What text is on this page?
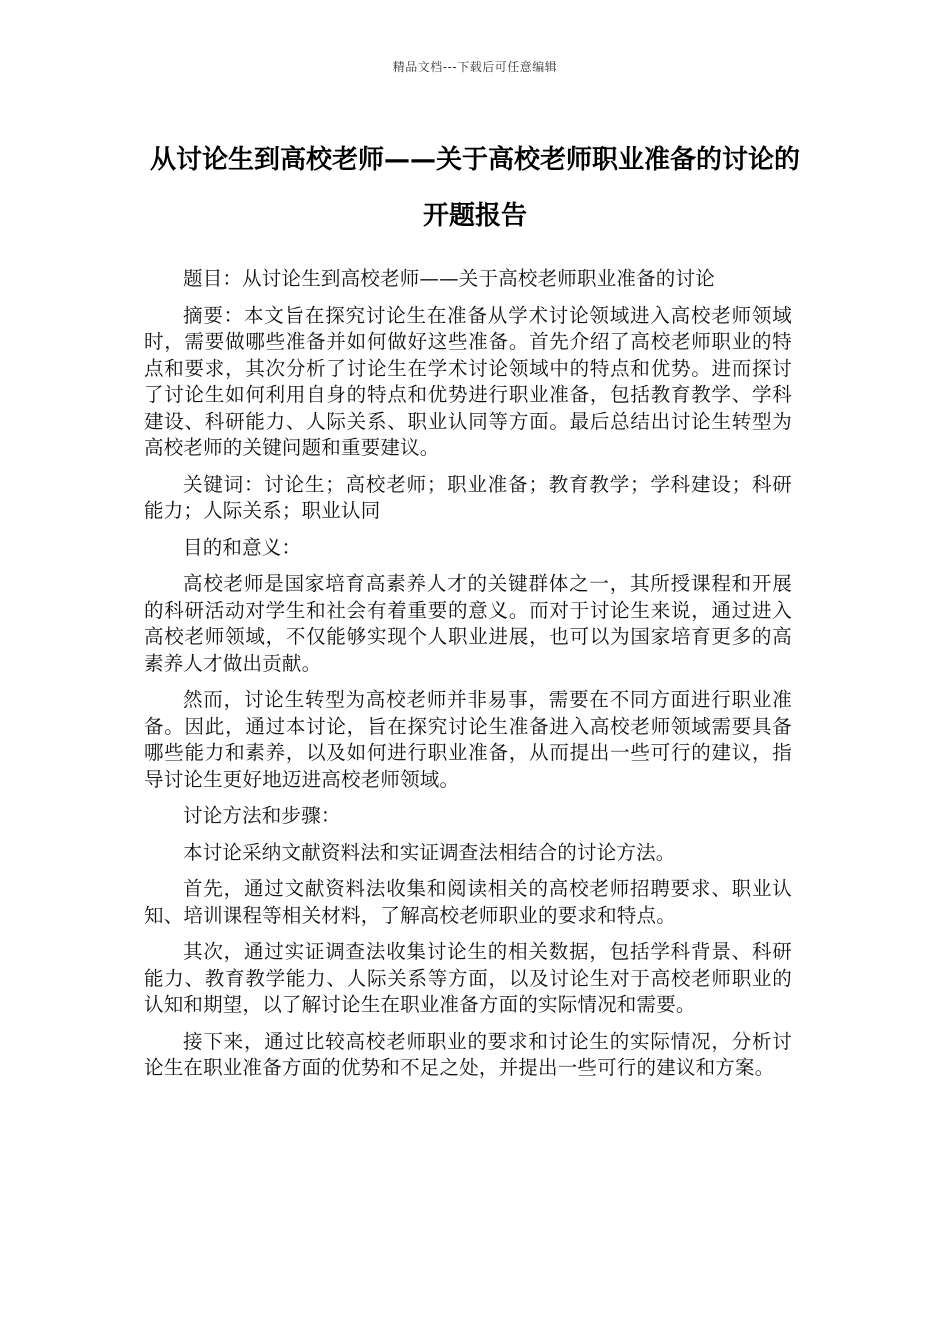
精品文档---下载后可任意编辑
从讨论生到高校老师——关于高校老师职业准备的讨论的开题报告

题目：从讨论生到高校老师——关于高校老师职业准备的讨论

摘要：本文旨在探究讨论生在准备从学术讨论领域进入高校老师领域时，需要做哪些准备并如何做好这些准备。首先介绍了高校老师职业的特点和要求，其次分析了讨论生在学术讨论领域中的特点和优势。进而探讨了讨论生如何利用自身的特点和优势进行职业准备，包括教育教学、学科建设、科研能力、人际关系、职业认同等方面。最后总结出讨论生转型为高校老师的关键问题和重要建议。

关键词：讨论生；高校老师；职业准备；教育教学；学科建设；科研能力；人际关系；职业认同

目的和意义：

高校老师是国家培育高素养人才的关键群体之一，其所授课程和开展的科研活动对学生和社会有着重要的意义。而对于讨论生来说，通过进入高校老师领域，不仅能够实现个人职业进展，也可以为国家培育更多的高素养人才做出贡献。

然而，讨论生转型为高校老师并非易事，需要在不同方面进行职业准备。因此，通过本讨论，旨在探究讨论生准备进入高校老师领域需要具备哪些能力和素养，以及如何进行职业准备，从而提出一些可行的建议，指导讨论生更好地迈进高校老师领域。

讨论方法和步骤：

本讨论采纳文献资料法和实证调查法相结合的讨论方法。

首先，通过文献资料法收集和阅读相关的高校老师招聘要求、职业认知、培训课程等相关材料，了解高校老师职业的要求和特点。

其次，通过实证调查法收集讨论生的相关数据，包括学科背景、科研能力、教育教学能力、人际关系等方面，以及讨论生对于高校老师职业的认知和期望，以了解讨论生在职业准备方面的实际情况和需要。

接下来，通过比较高校老师职业的要求和讨论生的实际情况，分析讨论生在职业准备方面的优势和不足之处，并提出一些可行的建议和方案。
